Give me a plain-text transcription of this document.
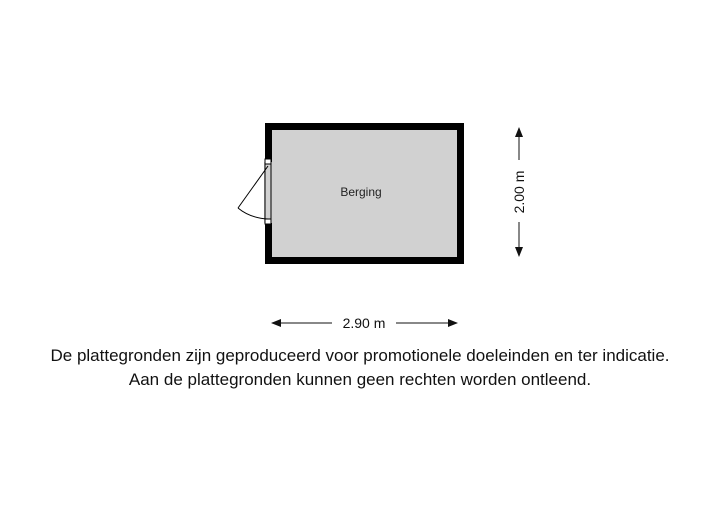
Berging	2.00 m
2.90 m
De plattegronden zijn geproduceerd voor promotionele doeleinden en ter indicatie.
Aan de plattegronden kunnen geen rechten worden ontleend.
